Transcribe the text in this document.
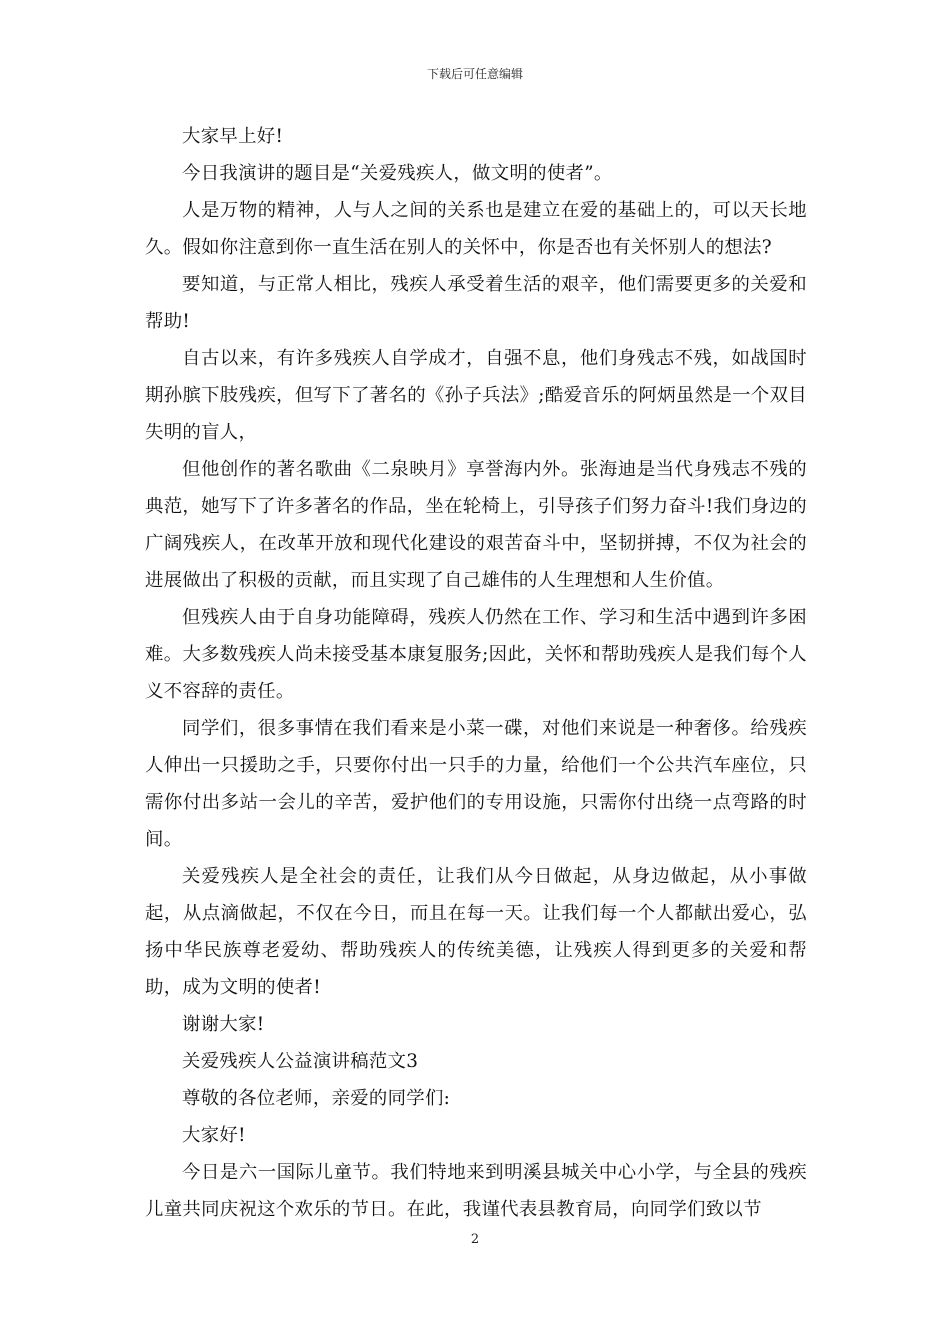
下载后可任意编辑

大家早上好!

今日我演讲的题目是“关爱残疾人，做文明的使者”。

人是万物的精神，人与人之间的关系也是建立在爱的基础上的，可以天长地久。假如你注意到你一直生活在别人的关怀中，你是否也有关怀别人的想法?

要知道，与正常人相比，残疾人承受着生活的艰辛，他们需要更多的关爱和帮助!

自古以来，有许多残疾人自学成才，自强不息，他们身残志不残，如战国时期孙膑下肢残疾，但写下了著名的《孙子兵法》;酷爱音乐的阿炳虽然是一个双目失明的盲人，

但他创作的著名歌曲《二泉映月》享誉海内外。张海迪是当代身残志不残的典范，她写下了许多著名的作品，坐在轮椅上，引导孩子们努力奋斗!我们身边的广阔残疾人，在改革开放和现代化建设的艰苦奋斗中，坚韧拼搏，不仅为社会的进展做出了积极的贡献，而且实现了自己雄伟的人生理想和人生价值。

但残疾人由于自身功能障碍，残疾人仍然在工作、学习和生活中遇到许多困难。大多数残疾人尚未接受基本康复服务;因此，关怀和帮助残疾人是我们每个人义不容辞的责任。

同学们，很多事情在我们看来是小菜一碟，对他们来说是一种奢侈。给残疾人伸出一只援助之手，只要你付出一只手的力量，给他们一个公共汽车座位，只需你付出多站一会儿的辛苦，爱护他们的专用设施，只需你付出绕一点弯路的时间。

关爱残疾人是全社会的责任，让我们从今日做起，从身边做起，从小事做起，从点滴做起，不仅在今日，而且在每一天。让我们每一个人都献出爱心，弘扬中华民族尊老爱幼、帮助残疾人的传统美德，让残疾人得到更多的关爱和帮助，成为文明的使者!

谢谢大家!

关爱残疾人公益演讲稿范文3

尊敬的各位老师，亲爱的同学们:

大家好!

今日是六一国际儿童节。我们特地来到明溪县城关中心小学，与全县的残疾儿童共同庆祝这个欢乐的节日。在此，我谨代表县教育局，向同学们致以节

2
